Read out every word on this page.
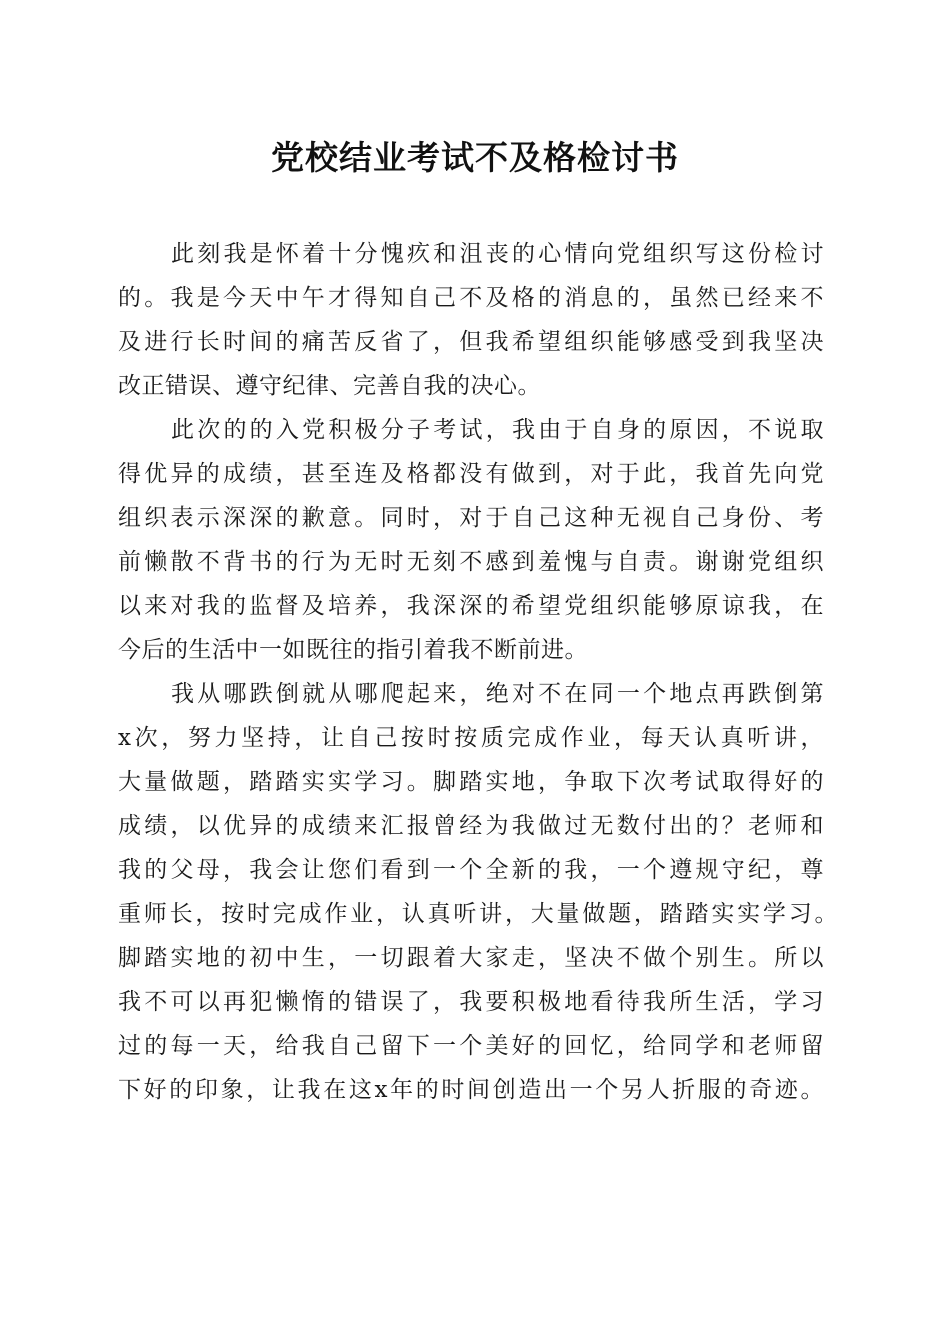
党校结业考试不及格检讨书
此刻我是怀着十分愧疚和沮丧的心情向党组织写这份检讨
的。我是今天中午才得知自己不及格的消息的，虽然已经来不
及进行长时间的痛苦反省了，但我希望组织能够感受到我坚决
改正错误、遵守纪律、完善自我的决心。
此次的的入党积极分子考试，我由于自身的原因，不说取
得优异的成绩，甚至连及格都没有做到，对于此，我首先向党
组织表示深深的歉意。同时，对于自己这种无视自己身份、考
前懒散不背书的行为无时无刻不感到羞愧与自责。谢谢党组织
以来对我的监督及培养，我深深的希望党组织能够原谅我，在
今后的生活中一如既往的指引着我不断前进。
我从哪跌倒就从哪爬起来，绝对不在同一个地点再跌倒第
x次，努力坚持，让自己按时按质完成作业，每天认真听讲，
大量做题，踏踏实实学习。脚踏实地，争取下次考试取得好的
成绩，以优异的成绩来汇报曾经为我做过无数付出的？老师和
我的父母，我会让您们看到一个全新的我，一个遵规守纪，尊
重师长，按时完成作业，认真听讲，大量做题，踏踏实实学习。
脚踏实地的初中生，一切跟着大家走，坚决不做个别生。所以
我不可以再犯懒惰的错误了，我要积极地看待我所生活，学习
过的每一天，给我自己留下一个美好的回忆，给同学和老师留
下好的印象，让我在这x年的时间创造出一个另人折服的奇迹。
